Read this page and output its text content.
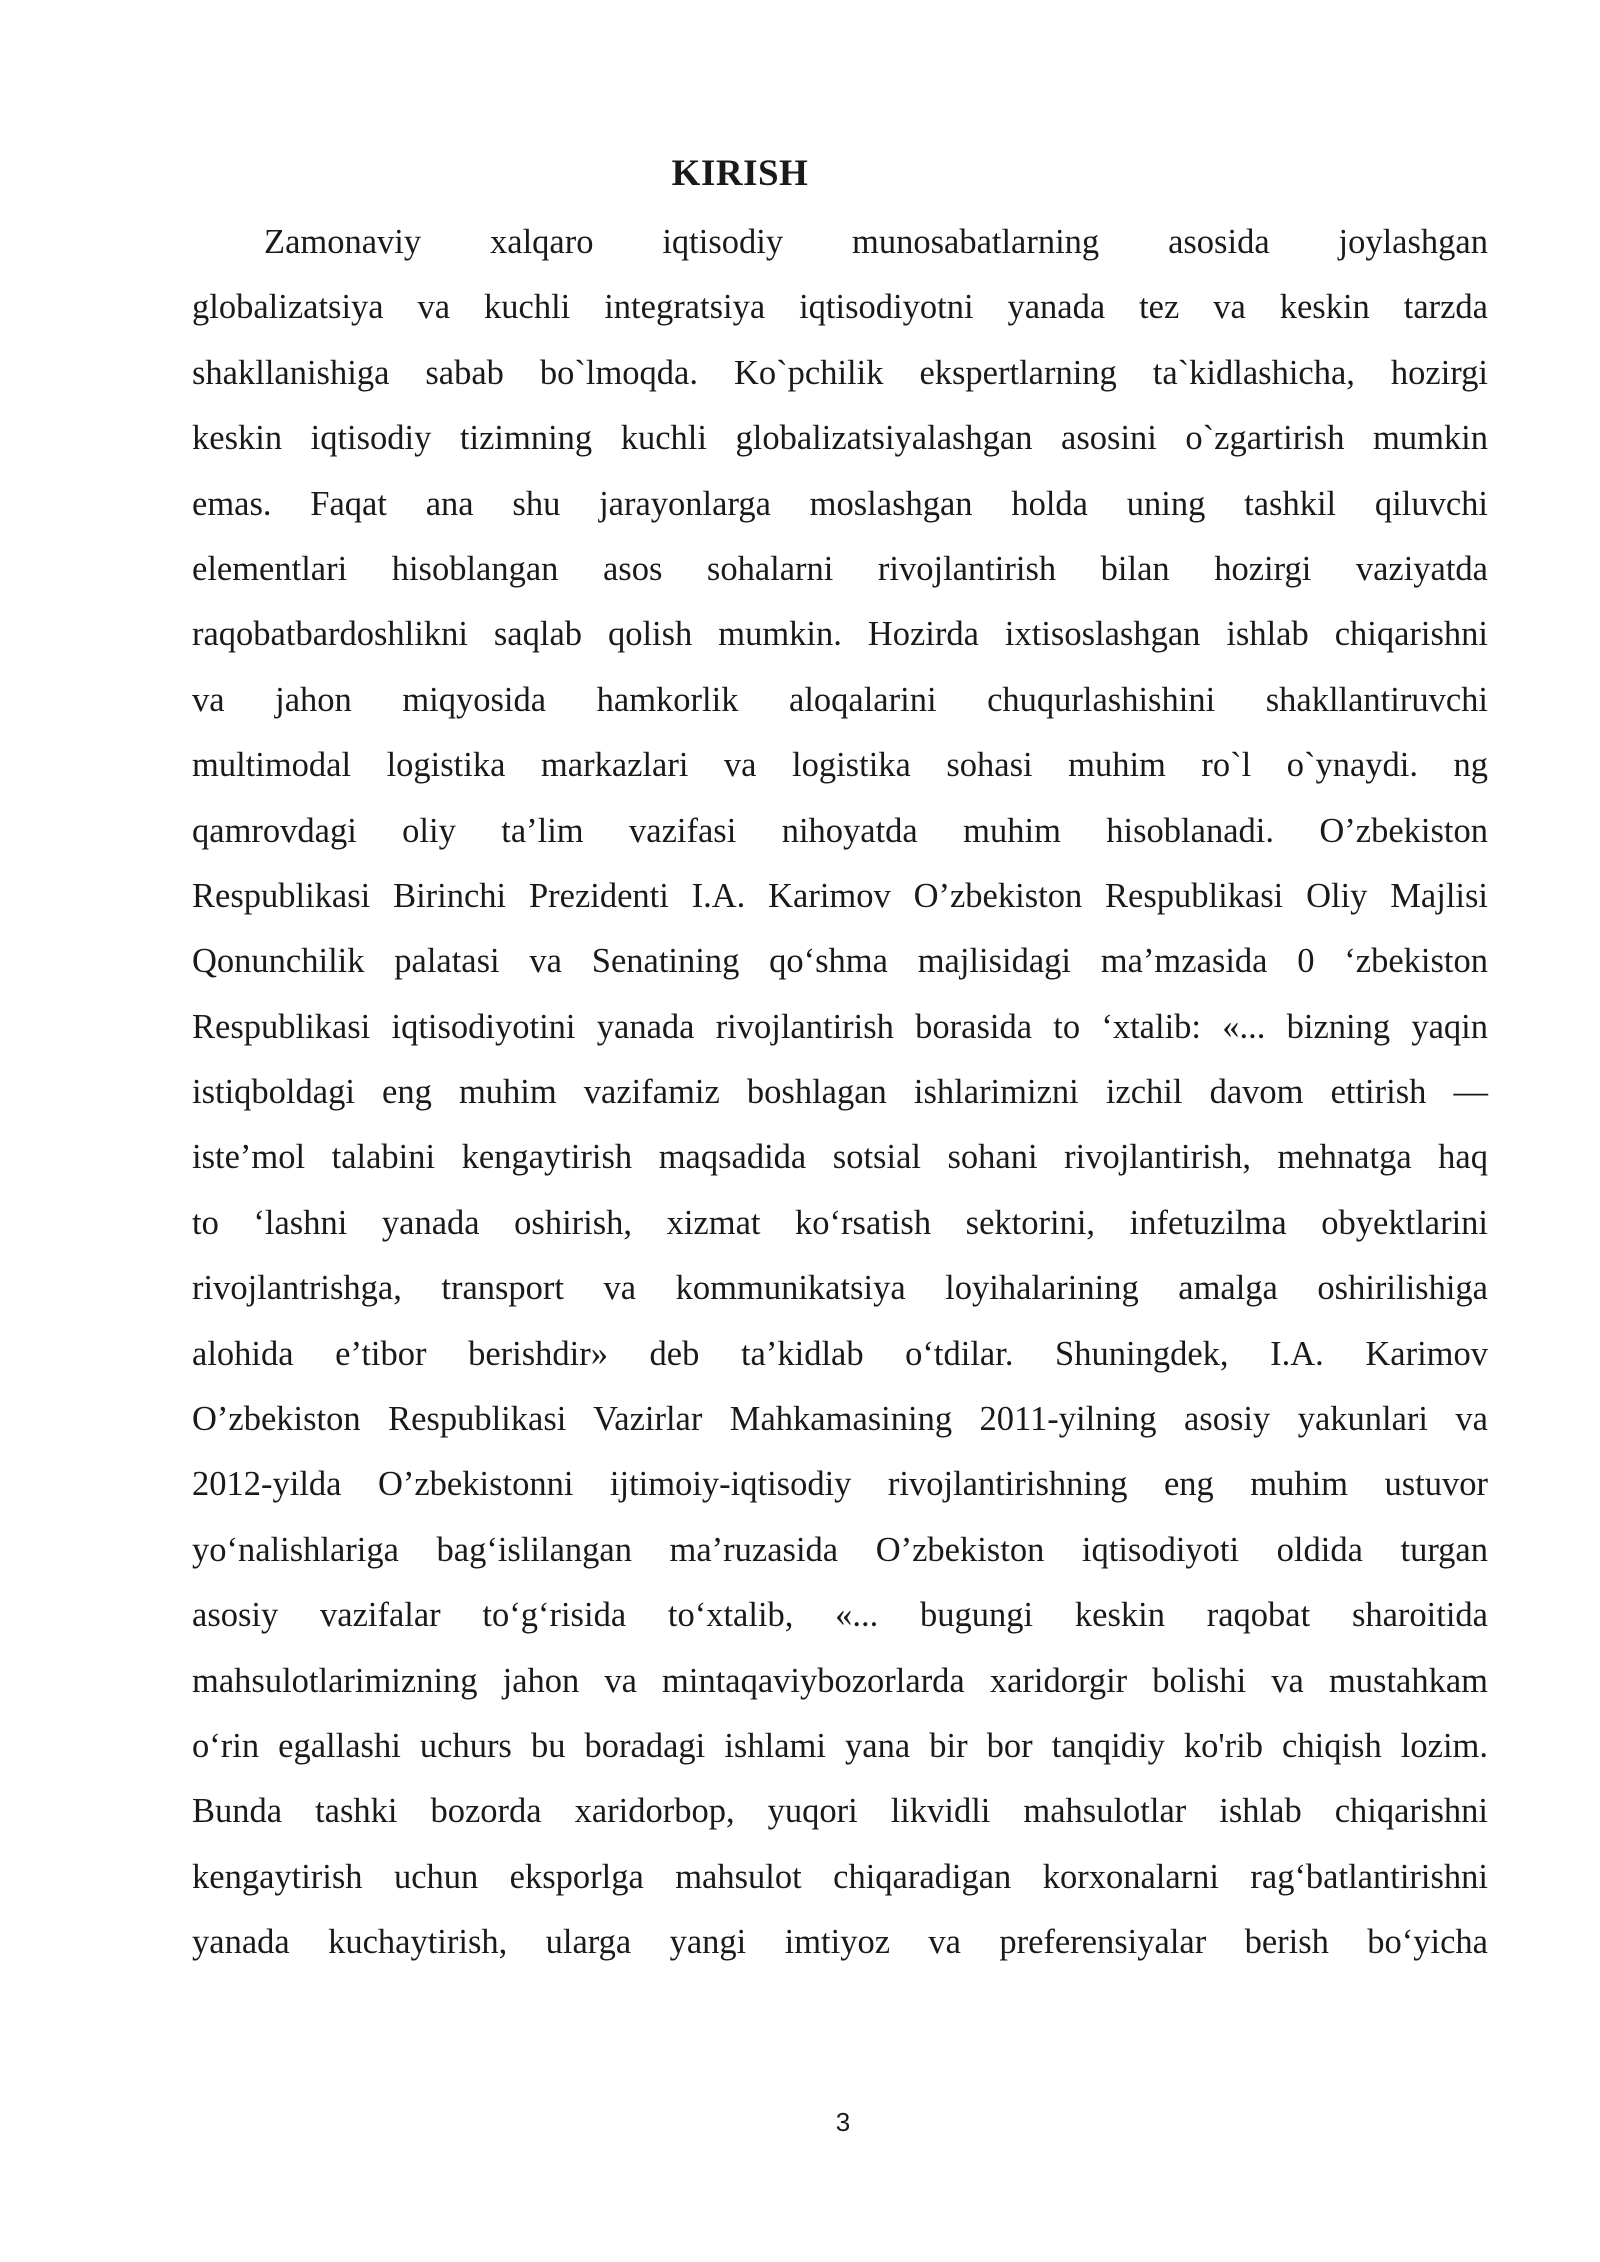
KIRISH
Zamonaviy xalqaro iqtisodiy munosabatlarning asosida joylashgan
globalizatsiya va kuchli integratsiya iqtisodiyotni yanada tez va keskin tarzda
shakllanishiga sabab bo`lmoqda. Ko`pchilik ekspertlarning ta`kidlashicha, hozirgi
keskin iqtisodiy tizimning kuchli globalizatsiyalashgan asosini o`zgartirish mumkin
emas. Faqat ana shu jarayonlarga moslashgan holda uning tashkil qiluvchi
elementlari hisoblangan asos sohalarni rivojlantirish bilan hozirgi vaziyatda
raqobatbardoshlikni saqlab qolish mumkin. Hozirda ixtisoslashgan ishlab chiqarishni
va jahon miqyosida hamkorlik aloqalarini chuqurlashishini shakllantiruvchi
multimodal logistika markazlari va logistika sohasi muhim ro`l o`ynaydi. ng
qamrovdagi oliy ta’lim vazifasi nihoyatda muhim hisoblanadi. O’zbekiston
Respublikasi Birinchi Prezidenti I.A. Karimov O’zbekiston Respublikasi Oliy Majlisi
Qonunchilik palatasi va Senatining qo‘shma majlisidagi ma’mzasida 0 ‘zbekiston
Respublikasi iqtisodiyotini yanada rivojlantirish borasida to ‘xtalib: «... bizning yaqin
istiqboldagi eng muhim vazifamiz boshlagan ishlarimizni izchil davom ettirish —
iste’mol talabini kengaytirish maqsadida sotsial sohani rivojlantirish, mehnatga haq
to ‘lashni yanada oshirish, xizmat ko‘rsatish sektorini, infetuzilma obyektlarini
rivojlantrishga, transport va kommunikatsiya loyihalarining amalga oshirilishiga
alohida e’tibor berishdir» deb ta’kidlab o‘tdilar. Shuningdek, I.A. Karimov
O’zbekiston Respublikasi Vazirlar Mahkamasining 2011-yilning asosiy yakunlari va
2012-yilda O’zbekistonni ijtimoiy-iqtisodiy rivojlantirishning eng muhim ustuvor
yo‘nalishlariga bag‘islilangan ma’ruzasida O’zbekiston iqtisodiyoti oldida turgan
asosiy vazifalar to‘g‘risida to‘xtalib, «... bugungi keskin raqobat sharoitida
mahsulotlarimizning jahon va mintaqaviybozorlarda xaridorgir bolishi va mustahkam
o‘rin egallashi uchurs bu boradagi ishlami yana bir bor tanqidiy ko'rib chiqish lozim.
Bunda tashki bozorda xaridorbop, yuqori likvidli mahsulotlar ishlab chiqarishni
kengaytirish uchun eksporlga mahsulot chiqaradigan korxonalarni rag‘batlantirishni
yanada kuchaytirish, ularga yangi imtiyoz va preferensiyalar berish bo‘yicha
3
